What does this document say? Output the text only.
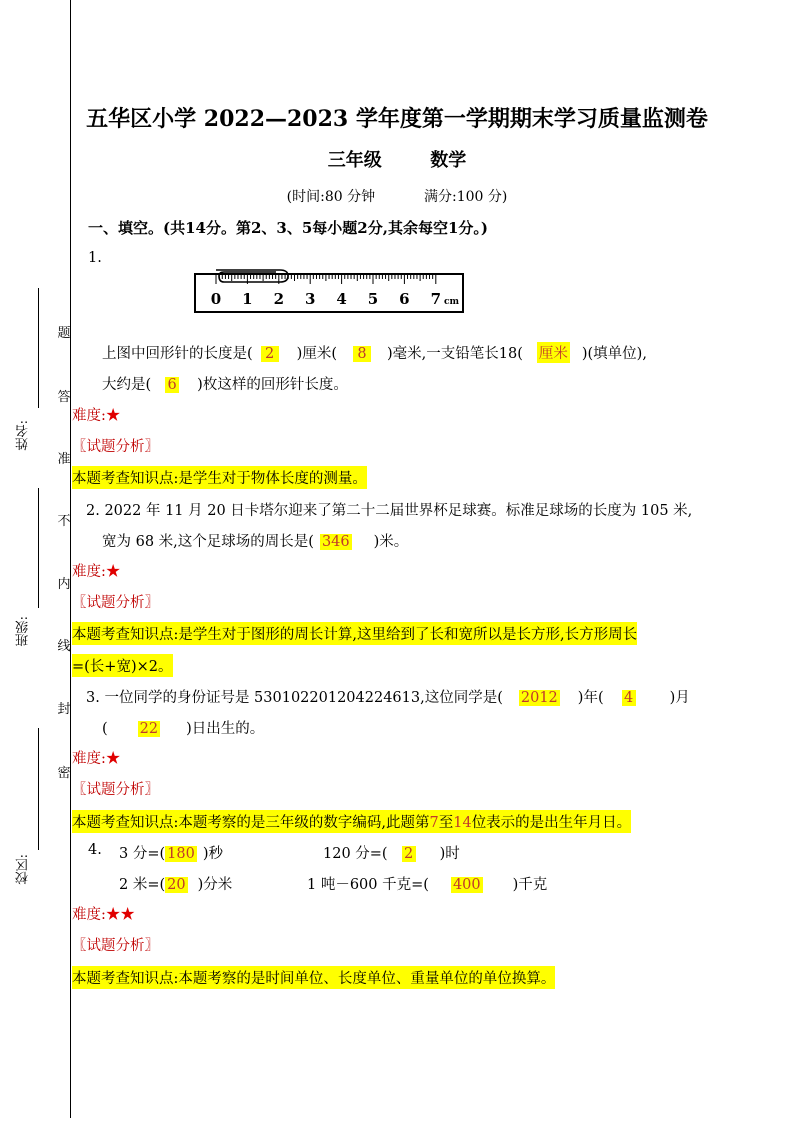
题
答
准
不
内
线
封
密
姓名:
班级:
校区:
五华区小学 2022—2023 学年度第一学期期末学习质量监测卷
三年级	数学
(时间:80 分钟	满分:100 分)
一、填空。(共14分。第2、3、5每小题2分,其余每空1分。)
1.
0 1 2 3 4 5 6 7 cm
上图中回形针的长度是( 2 )厘米( 8 )毫米,一支铅笔长18( 厘米 )(填单位),
大约是( 6 )枚这样的回形针长度。
难度:★
〖试题分析〗
本题考查知识点:是学生对于物体长度的测量。
2. 2022 年 11 月 20 日卡塔尔迎来了第二十二届世界杯足球赛。标准足球场的长度为 105 米,
宽为 68 米,这个足球场的周长是( 346 )米。
难度:★
〖试题分析〗
本题考查知识点:是学生对于图形的周长计算,这里给到了长和宽所以是长方形,长方形周长
=(长+宽)×2。
3. 一位同学的身份证号是 530102201204224613,这位同学是( 2012 )年( 4	)月
( 22 )日出生的。
难度:★
〖试题分析〗
本题考查知识点:本题考察的是三年级的数字编码,此题第7至14位表示的是出生年月日。
4. 3 分=( 180 )秒	120 分=( 2 )时
2 米=( 20 )分米	1 吨－600 千克=( 400 )千克
难度:★★
〖试题分析〗
本题考查知识点:本题考察的是时间单位、长度单位、重量单位的单位换算。
